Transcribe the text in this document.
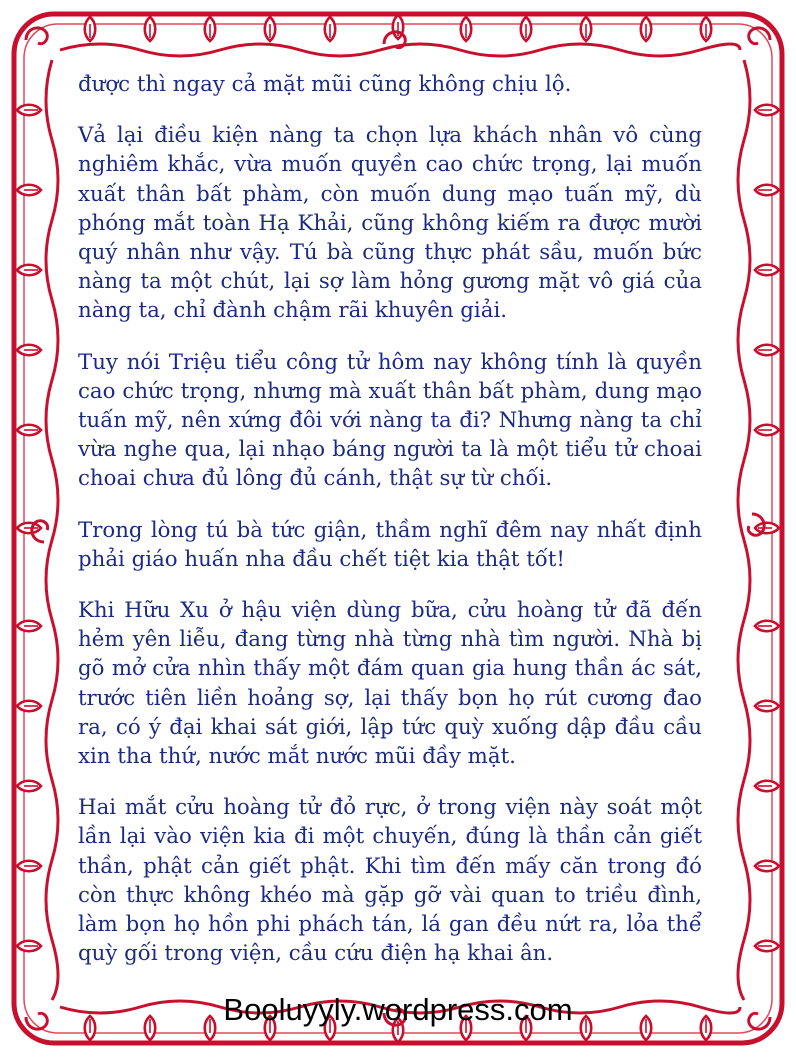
được thì ngay cả mặt mũi cũng không chịu lộ.

Vả lại điều kiện nàng ta chọn lựa khách nhân vô cùng nghiêm khắc, vừa muốn quyền cao chức trọng, lại muốn xuất thân bất phàm, còn muốn dung mạo tuấn mỹ, dù phóng mắt toàn Hạ Khải, cũng không kiếm ra được mười quý nhân như vậy. Tú bà cũng thực phát sầu, muốn bức nàng ta một chút, lại sợ làm hỏng gương mặt vô giá của nàng ta, chỉ đành chậm rãi khuyên giải.

Tuy nói Triệu tiểu công tử hôm nay không tính là quyền cao chức trọng, nhưng mà xuất thân bất phàm, dung mạo tuấn mỹ, nên xứng đôi với nàng ta đi? Nhưng nàng ta chỉ vừa nghe qua, lại nhạo báng người ta là một tiểu tử choai choai chưa đủ lông đủ cánh, thật sự từ chối.

Trong lòng tú bà tức giận, thầm nghĩ đêm nay nhất định phải giáo huấn nha đầu chết tiệt kia thật tốt!

Khi Hữu Xu ở hậu viện dùng bữa, cửu hoàng tử đã đến hẻm yên liễu, đang từng nhà từng nhà tìm người. Nhà bị gõ mở cửa nhìn thấy một đám quan gia hung thần ác sát, trước tiên liền hoảng sợ, lại thấy bọn họ rút cương đao ra, có ý đại khai sát giới, lập tức quỳ xuống dập đầu cầu xin tha thứ, nước mắt nước mũi đầy mặt.

Hai mắt cửu hoàng tử đỏ rực, ở trong viện này soát một lần lại vào viện kia đi một chuyến, đúng là thần cản giết thần, phật cản giết phật. Khi tìm đến mấy căn trong đó còn thực không khéo mà gặp gỡ vài quan to triều đình, làm bọn họ hồn phi phách tán, lá gan đều nứt ra, lỏa thể quỳ gối trong viện, cầu cứu điện hạ khai ân.

Booluyyly.wordpress.com
